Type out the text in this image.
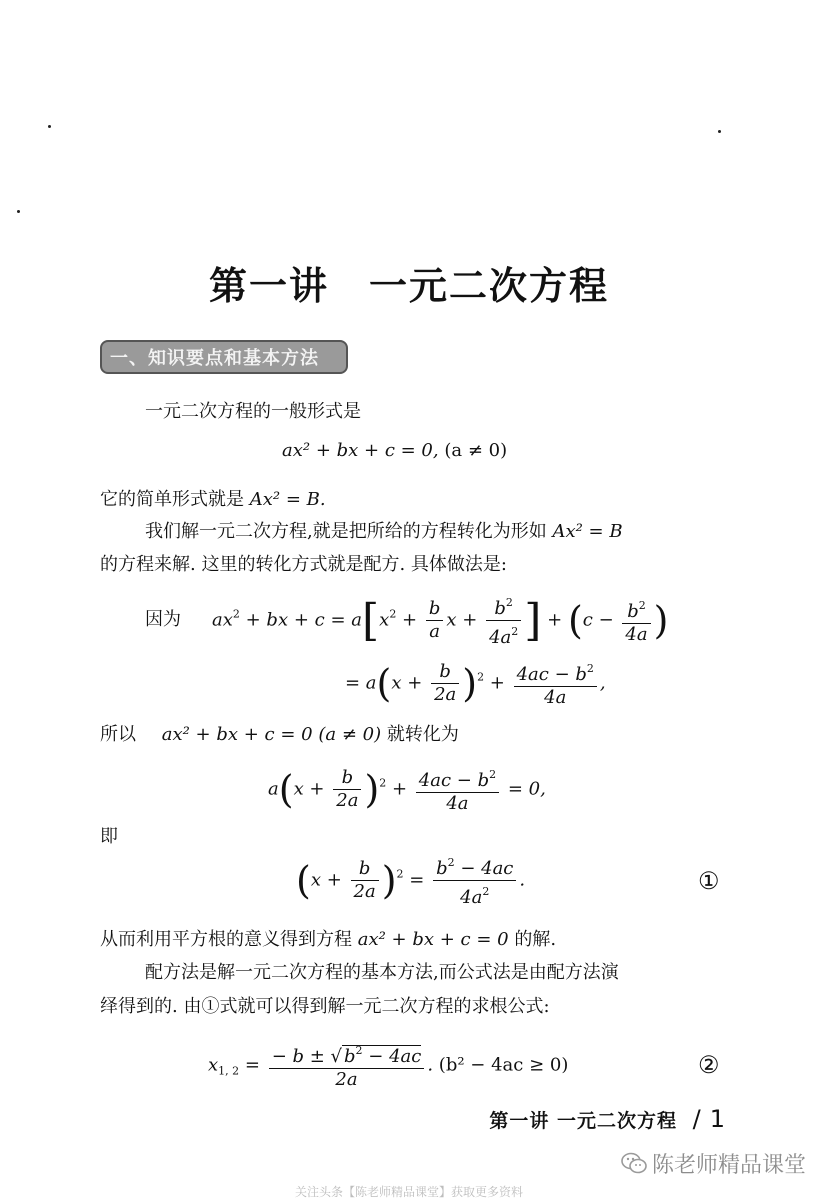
第一讲 一元二次方程
一、知识要点和基本方法
一元二次方程的一般形式是
ax² + bx + c = 0, (a ≠ 0)
它的简单形式就是 Ax² = B.
我们解一元二次方程,就是把所给的方程转化为形如 Ax² = B
的方程来解. 这里的转化方式就是配方. 具体做法是:
因为 $ax^2$ + bx + $c = a[x^2 + \frac{b}{a}$ $x + \frac{b^2}{4a^2}$ ] + ($c - \frac{b^2}{4a}$ )
= $a(x + \frac{b}{2a} )^2 + \frac{4ac - b^2}{4a}$ ,
所以 ax² + bx + c = 0 (a ≠ 0) 就转化为
$a(x + \frac{b}{2a} )^2 + \frac{4ac - b^2}{4a} = 0$,
即
$(x + \frac{b}{2a} )^2 = \frac{b^2 - 4ac}{4a^2}$ .	①
从而利用平方根的意义得到方程 ax² + bx + c = 0 的解.
配方法是解一元二次方程的基本方法,而公式法是由配方法演
绎得到的. 由①式就可以得到解一元二次方程的求根公式:
$x_{1, 2} = \frac{- b \pm √ b^2 - 4ac}{2a}$ . (b² − 4ac ≥ 0)	②
第一讲 一元二次方程 / 1
陈老师精品课堂
关注头条【陈老师精品课堂】获取更多资料
